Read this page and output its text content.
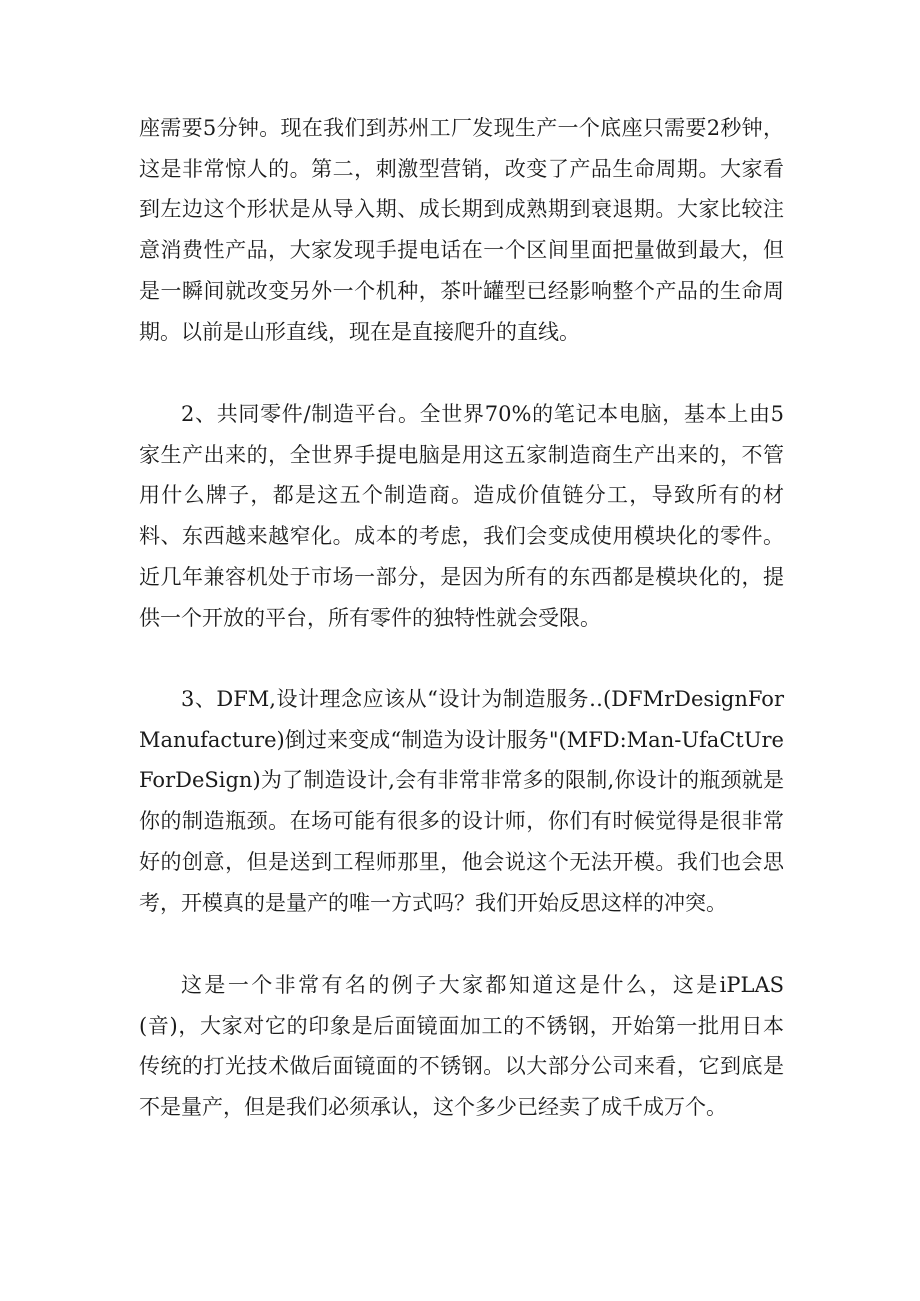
座需要5分钟。现在我们到苏州工厂发现生产一个底座只需要2秒钟，这是非常惊人的。第二，刺激型营销，改变了产品生命周期。大家看到左边这个形状是从导入期、成长期到成熟期到衰退期。大家比较注意消费性产品，大家发现手提电话在一个区间里面把量做到最大，但是一瞬间就改变另外一个机种，茶叶罐型已经影响整个产品的生命周期。以前是山形直线，现在是直接爬升的直线。

2、共同零件/制造平台。全世界70%的笔记本电脑，基本上由5家生产出来的，全世界手提电脑是用这五家制造商生产出来的，不管用什么牌子，都是这五个制造商。造成价值链分工，导致所有的材料、东西越来越窄化。成本的考虑，我们会变成使用模块化的零件。近几年兼容机处于市场一部分，是因为所有的东西都是模块化的，提供一个开放的平台，所有零件的独特性就会受限。

3、DFM,设计理念应该从“设计为制造服务‥(DFMrDesignForManufacture)倒过来变成“制造为设计服务"(MFD:Man-UfaCtUreForDeSign)为了制造设计,会有非常非常多的限制,你设计的瓶颈就是你的制造瓶颈。在场可能有很多的设计师，你们有时候觉得是很非常好的创意，但是送到工程师那里，他会说这个无法开模。我们也会思考，开模真的是量产的唯一方式吗？我们开始反思这样的冲突。

这是一个非常有名的例子大家都知道这是什么，这是iPLAS(音)，大家对它的印象是后面镜面加工的不锈钢，开始第一批用日本传统的打光技术做后面镜面的不锈钢。以大部分公司来看，它到底是不是量产，但是我们必须承认，这个多少已经卖了成千成万个。
